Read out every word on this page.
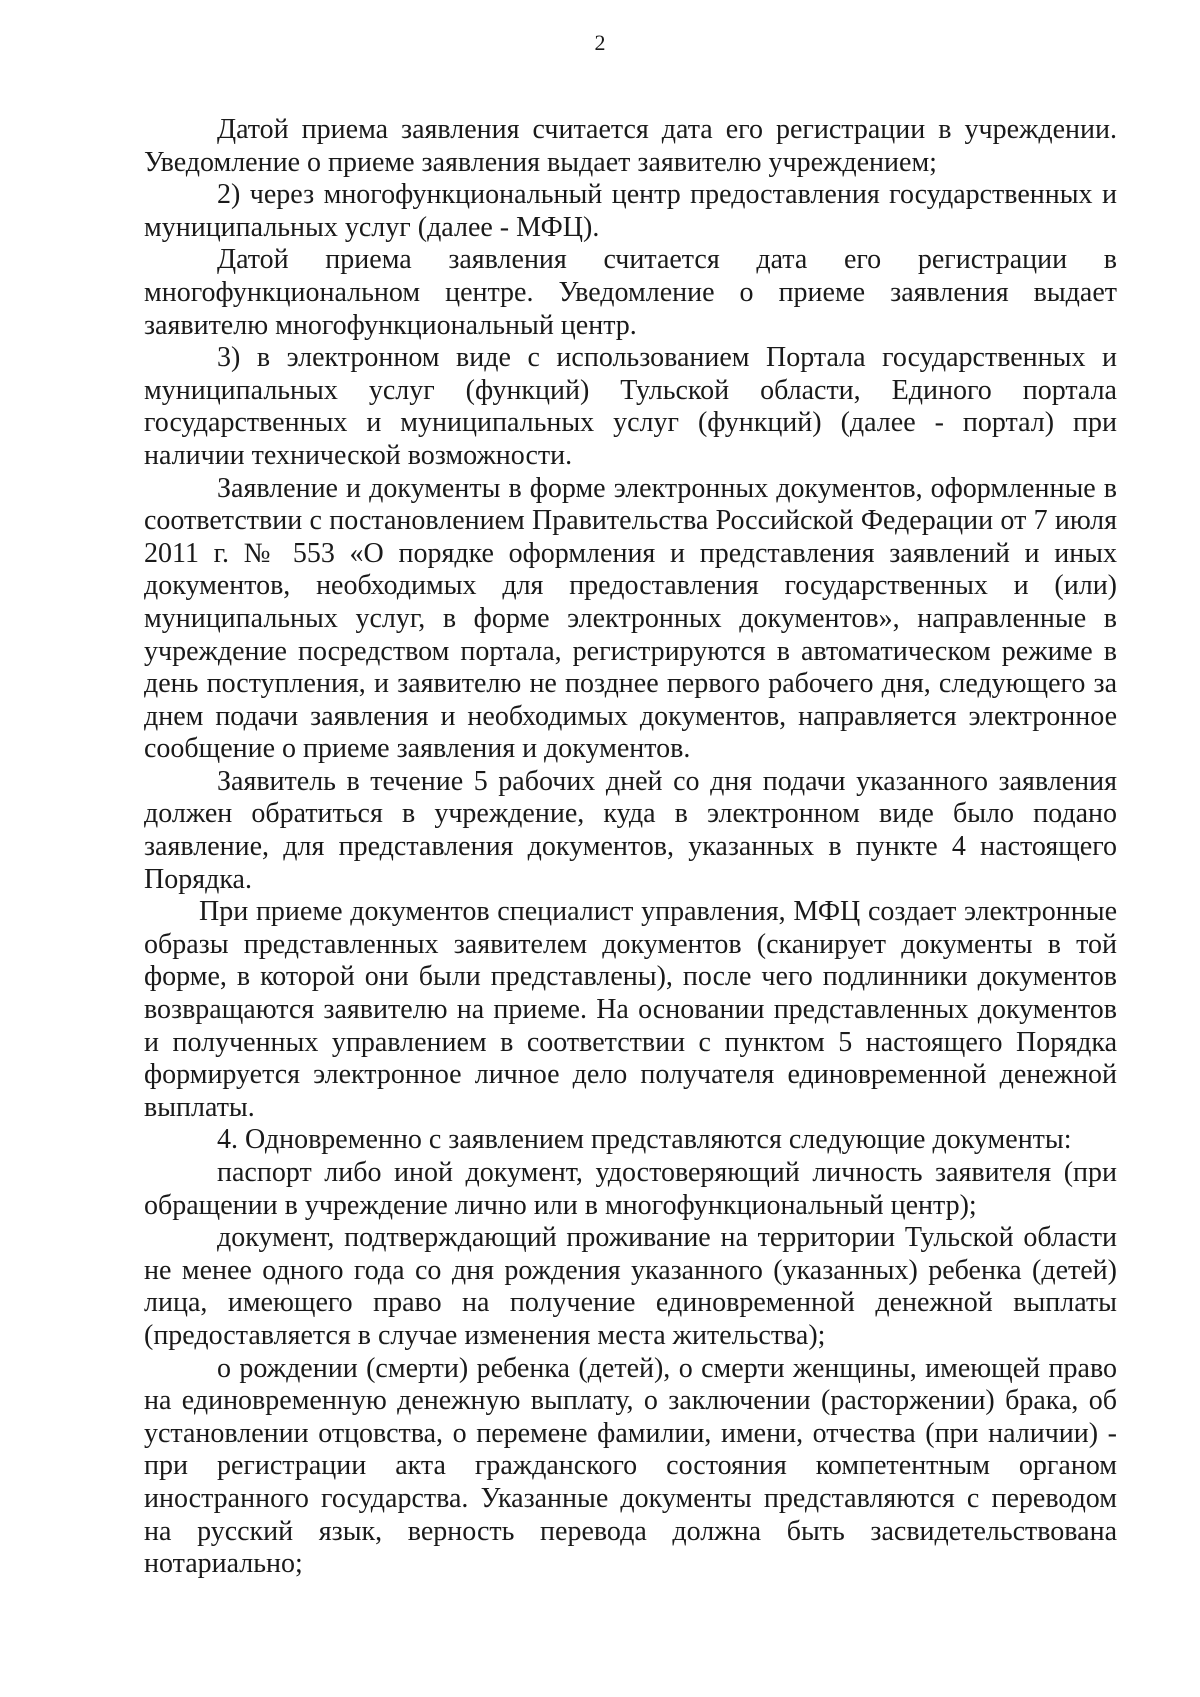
2

Датой приема заявления считается дата его регистрации в учреждении. Уведомление о приеме заявления выдает заявителю учреждением;

2) через многофункциональный центр предоставления государственных и муниципальных услуг (далее - МФЦ).

Датой приема заявления считается дата его регистрации в многофункциональном центре. Уведомление о приеме заявления выдает заявителю многофункциональный центр.

3) в электронном виде с использованием Портала государственных и муниципальных услуг (функций) Тульской области, Единого портала государственных и муниципальных услуг (функций) (далее - портал) при наличии технической возможности.

Заявление и документы в форме электронных документов, оформленные в соответствии с постановлением Правительства Российской Федерации от 7 июля 2011 г. № 553 «О порядке оформления и представления заявлений и иных документов, необходимых для предоставления государственных и (или) муниципальных услуг, в форме электронных документов», направленные в учреждение посредством портала, регистрируются в автоматическом режиме в день поступления, и заявителю не позднее первого рабочего дня, следующего за днем подачи заявления и необходимых документов, направляется электронное сообщение о приеме заявления и документов.

Заявитель в течение 5 рабочих дней со дня подачи указанного заявления должен обратиться в учреждение, куда в электронном виде было подано заявление, для представления документов, указанных в пункте 4 настоящего Порядка.

При приеме документов специалист управления, МФЦ создает электронные образы представленных заявителем документов (сканирует документы в той форме, в которой они были представлены), после чего подлинники документов возвращаются заявителю на приеме. На основании представленных документов и полученных управлением в соответствии с пунктом 5 настоящего Порядка формируется электронное личное дело получателя единовременной денежной выплаты.

4. Одновременно с заявлением представляются следующие документы:

паспорт либо иной документ, удостоверяющий личность заявителя (при обращении в учреждение лично или в многофункциональный центр);

документ, подтверждающий проживание на территории Тульской области не менее одного года со дня рождения указанного (указанных) ребенка (детей) лица, имеющего право на получение единовременной денежной выплаты (предоставляется в случае изменения места жительства);

о рождении (смерти) ребенка (детей), о смерти женщины, имеющей право на единовременную денежную выплату, о заключении (расторжении) брака, об установлении отцовства, о перемене фамилии, имени, отчества (при наличии) - при регистрации акта гражданского состояния компетентным органом иностранного государства. Указанные документы представляются с переводом на русский язык, верность перевода должна быть засвидетельствована нотариально;
